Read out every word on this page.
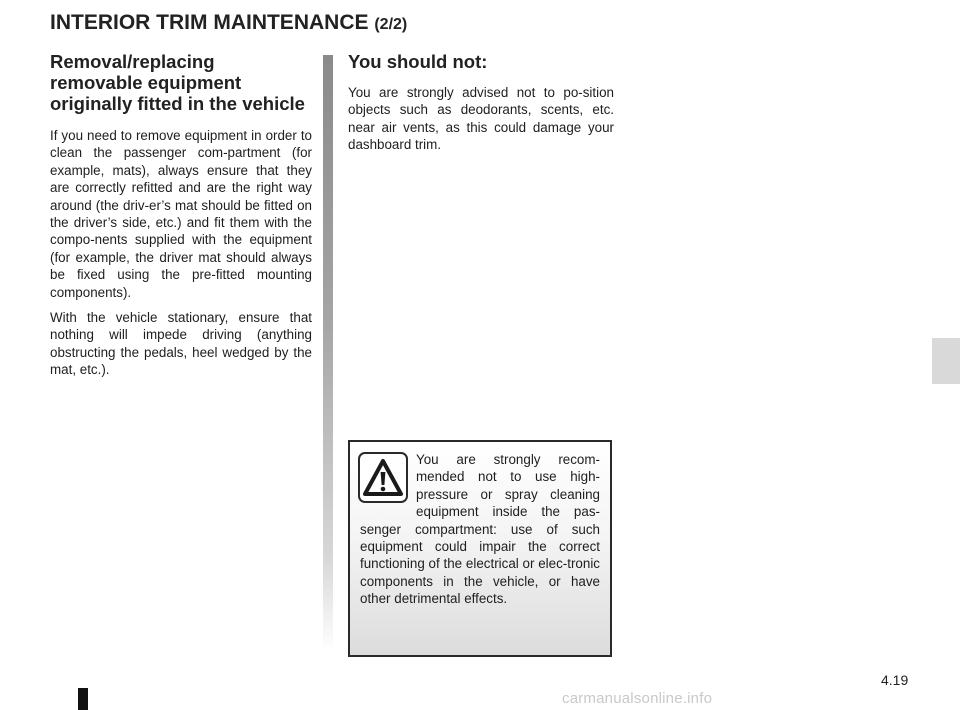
INTERIOR TRIM MAINTENANCE (2/2)
Removal/replacing removable equipment originally fitted in the vehicle

If you need to remove equipment in order to clean the passenger com-partment (for example, mats), always ensure that they are correctly refitted and are the right way around (the driv-er’s mat should be fitted on the driver’s side, etc.) and fit them with the compo-nents supplied with the equipment (for example, the driver mat should always be fixed using the pre-fitted mounting components).

With the vehicle stationary, ensure that nothing will impede driving (anything obstructing the pedals, heel wedged by the mat, etc.).

You should not:

You are strongly advised not to po-sition objects such as deodorants, scents, etc. near air vents, as this could damage your dashboard trim.

You are strongly recom-mended not to use high-pressure or spray cleaning equipment inside the pas-senger compartment: use of such equipment could impair the correct functioning of the electrical or elec-tronic components in the vehicle, or have other detrimental effects.

4.19
carmanualsonline.info
